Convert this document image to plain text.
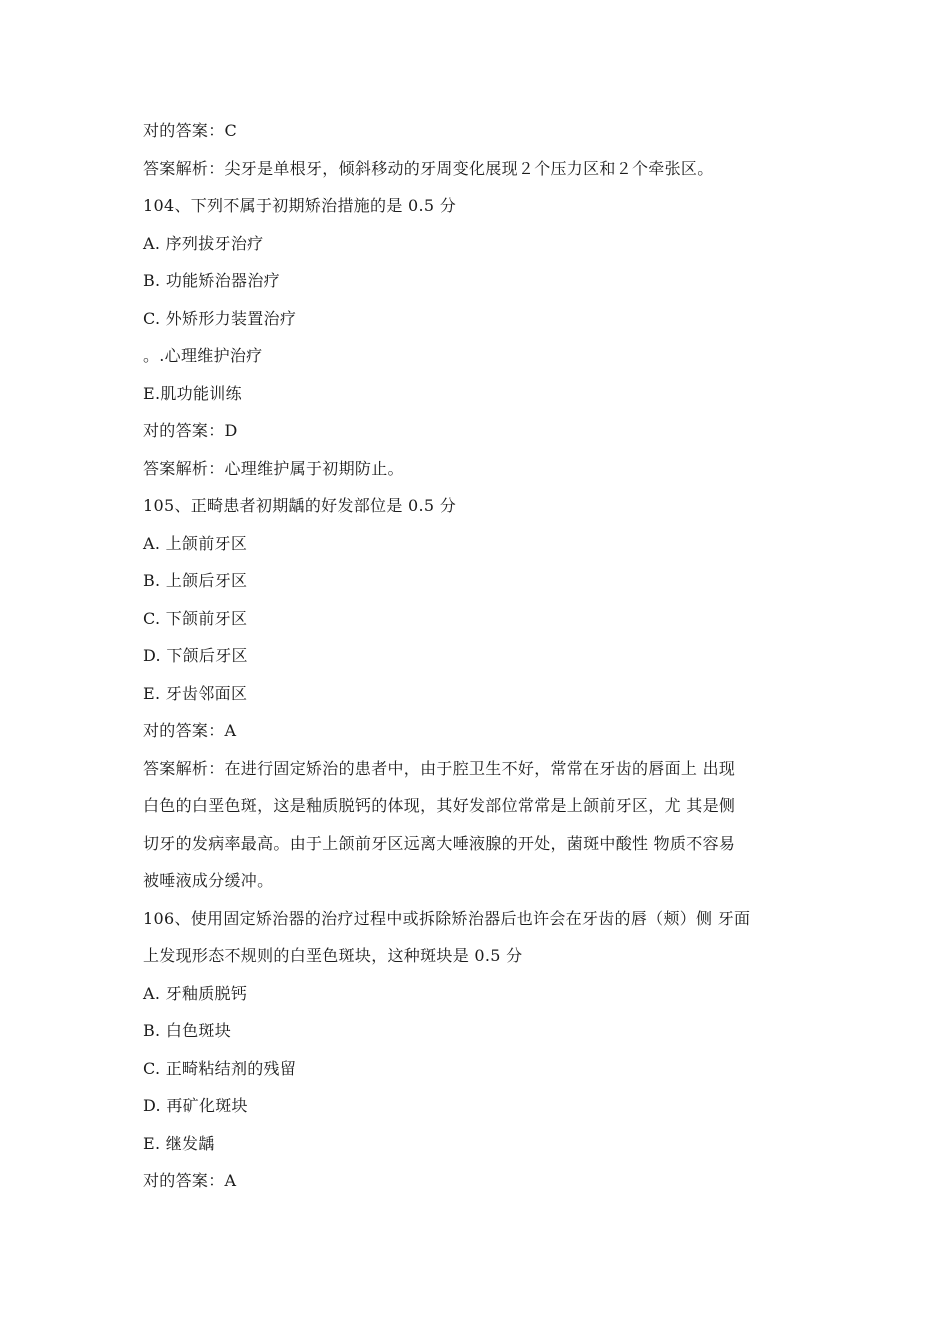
对的答案：C
答案解析：尖牙是单根牙，倾斜移动的牙周变化展现２个压力区和２个牵张区。
104、下列不属于初期矫治措施的是 0.5 分
A. 序列拔牙治疗
B. 功能矫治器治疗
C. 外矫形力装置治疗
。.心理维护治疗
E.肌功能训练
对的答案：D
答案解析：心理维护属于初期防止。
105、正畸患者初期龋的好发部位是 0.5 分
A. 上颌前牙区
B. 上颌后牙区
C. 下颌前牙区
D. 下颌后牙区
E. 牙齿邻面区
对的答案：A
答案解析：在进行固定矫治的患者中，由于腔卫生不好，常常在牙齿的唇面上 出现
白色的白垩色斑，这是釉质脱钙的体现，其好发部位常常是上颌前牙区，尤 其是侧
切牙的发病率最高。由于上颌前牙区远离大唾液腺的开处，菌斑中酸性 物质不容易
被唾液成分缓冲。
106、使用固定矫治器的治疗过程中或拆除矫治器后也许会在牙齿的唇（颊）侧 牙面
上发现形态不规则的白垩色斑块，这种斑块是 0.5 分
A. 牙釉质脱钙
B. 白色斑块
C. 正畸粘结剂的残留
D. 再矿化斑块
E. 继发龋
对的答案：A
